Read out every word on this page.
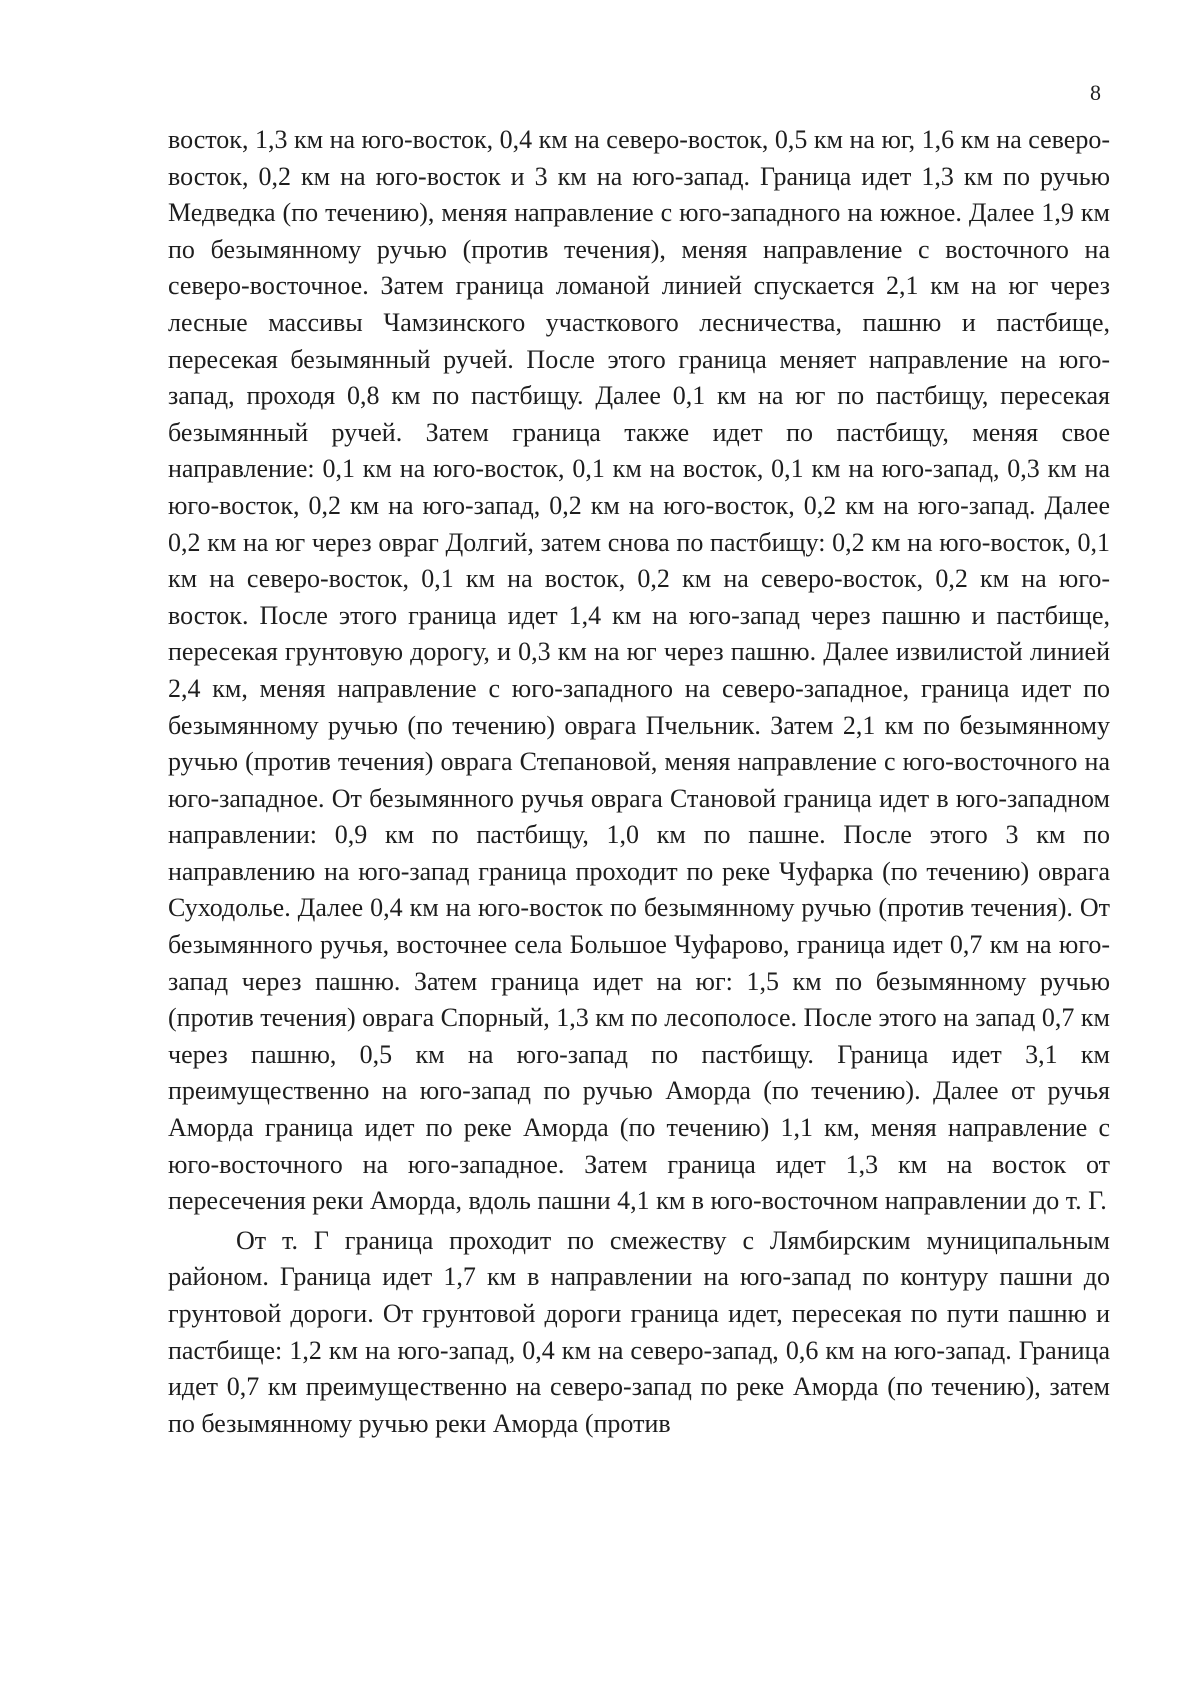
8

восток, 1,3 км на юго-восток, 0,4 км на северо-восток, 0,5 км на юг, 1,6 км на северо-восток, 0,2 км на юго-восток и 3 км на юго-запад. Граница идет 1,3 км по ручью Медведка (по течению), меняя направление с юго-западного на южное. Далее 1,9 км по безымянному ручью (против течения), меняя направление с восточного на северо-восточное. Затем граница ломаной линией спускается 2,1 км на юг через лесные массивы Чамзинского участкового лесничества, пашню и пастбище, пересекая безымянный ручей. После этого граница меняет направление на юго-запад, проходя 0,8 км по пастбищу. Далее 0,1 км на юг по пастбищу, пересекая безымянный ручей. Затем граница также идет по пастбищу, меняя свое направление: 0,1 км на юго-восток, 0,1 км на восток, 0,1 км на юго-запад, 0,3 км на юго-восток, 0,2 км на юго-запад, 0,2 км на юго-восток, 0,2 км на юго-запад. Далее 0,2 км на юг через овраг Долгий, затем снова по пастбищу: 0,2 км на юго-восток, 0,1 км на северо-восток, 0,1 км на восток, 0,2 км на северо-восток, 0,2 км на юго-восток. После этого граница идет 1,4 км на юго-запад через пашню и пастбище, пересекая грунтовую дорогу, и 0,3 км на юг через пашню. Далее извилистой линией 2,4 км, меняя направление с юго-западного на северо-западное, граница идет по безымянному ручью (по течению) оврага Пчельник. Затем 2,1 км по безымянному ручью (против течения) оврага Степановой, меняя направление с юго-восточного на юго-западное. От безымянного ручья оврага Становой граница идет в юго-западном направлении: 0,9 км по пастбищу, 1,0 км по пашне. После этого 3 км по направлению на юго-запад граница проходит по реке Чуфарка (по течению) оврага Суходолье. Далее 0,4 км на юго-восток по безымянному ручью (против течения). От безымянного ручья, восточнее села Большое Чуфарово, граница идет 0,7 км на юго-запад через пашню. Затем граница идет на юг: 1,5 км по безымянному ручью (против течения) оврага Спорный, 1,3 км по лесополосе. После этого на запад 0,7 км через пашню, 0,5 км на юго-запад по пастбищу. Граница идет 3,1 км преимущественно на юго-запад по ручью Аморда (по течению). Далее от ручья Аморда граница идет по реке Аморда (по течению) 1,1 км, меняя направление с юго-восточного на юго-западное. Затем граница идет 1,3 км на восток от пересечения реки Аморда, вдоль пашни 4,1 км в юго-восточном направлении до т. Г.

От т. Г граница проходит по смежеству с Лямбирским муниципальным районом. Граница идет 1,7 км в направлении на юго-запад по контуру пашни до грунтовой дороги. От грунтовой дороги граница идет, пересекая по пути пашню и пастбище: 1,2 км на юго-запад, 0,4 км на северо-запад, 0,6 км на юго-запад. Граница идет 0,7 км преимущественно на северо-запад по реке Аморда (по течению), затем по безымянному ручью реки Аморда (против
